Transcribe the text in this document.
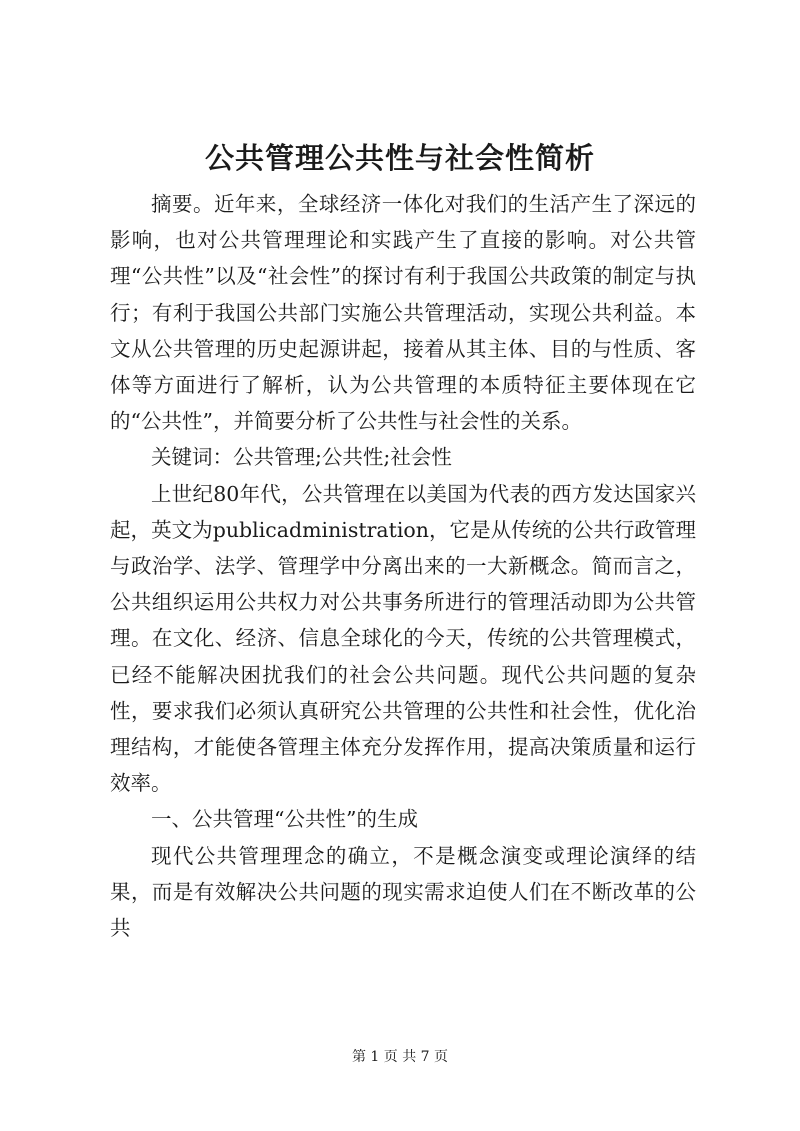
公共管理公共性与社会性简析

摘要。近年来，全球经济一体化对我们的生活产生了深远的影响，也对公共管理理论和实践产生了直接的影响。对公共管理“公共性”以及“社会性”的探讨有利于我国公共政策的制定与执行；有利于我国公共部门实施公共管理活动，实现公共利益。本文从公共管理的历史起源讲起，接着从其主体、目的与性质、客体等方面进行了解析，认为公共管理的本质特征主要体现在它的“公共性”，并简要分析了公共性与社会性的关系。

关键词：公共管理;公共性;社会性

上世纪80年代，公共管理在以美国为代表的西方发达国家兴起，英文为publicadministration，它是从传统的公共行政管理与政治学、法学、管理学中分离出来的一大新概念。简而言之，公共组织运用公共权力对公共事务所进行的管理活动即为公共管理。在文化、经济、信息全球化的今天，传统的公共管理模式，已经不能解决困扰我们的社会公共问题。现代公共问题的复杂性，要求我们必须认真研究公共管理的公共性和社会性，优化治理结构，才能使各管理主体充分发挥作用，提高决策质量和运行效率。

一、公共管理“公共性”的生成

现代公共管理理念的确立，不是概念演变或理论演绎的结果，而是有效解决公共问题的现实需求迫使人们在不断改革的公共

第 1 页 共 7 页
